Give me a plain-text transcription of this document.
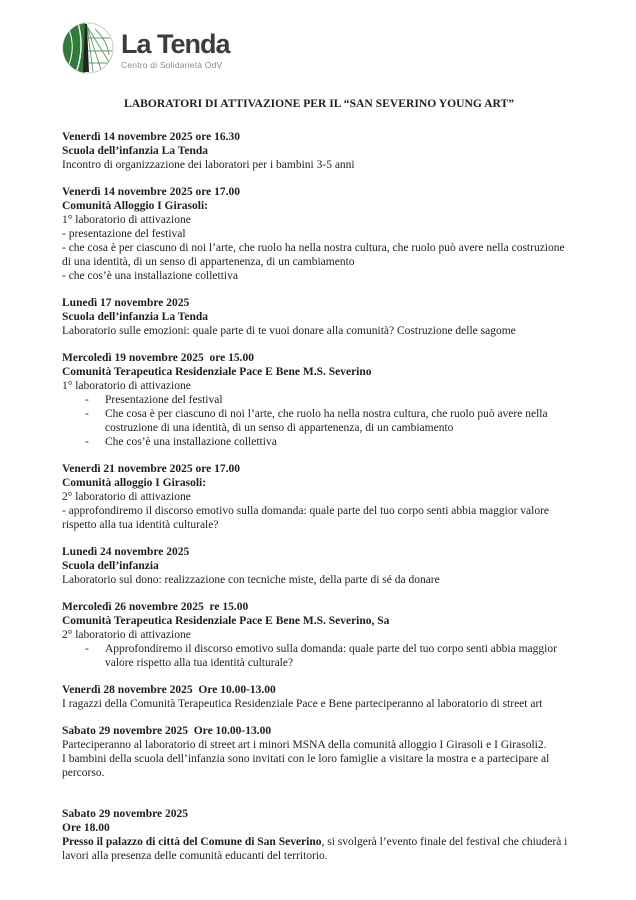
La Tenda
Centro di Solidarietà OdV
LABORATORI DI ATTIVAZIONE PER IL “SAN SEVERINO YOUNG ART”
Venerdì 14 novembre 2025 ore 16.30
Scuola dell’infanzia La Tenda

Incontro di organizzazione dei laboratori per i bambini 3-5 anni

Venerdì 14 novembre 2025 ore 17.00
Comunità Alloggio I Girasoli:

1° laboratorio di attivazione

- presentazione del festival

- che cosa è per ciascuno di noi l’arte, che ruolo ha nella nostra cultura, che ruolo può avere nella costruzione di una identità, di un senso di appartenenza, di un cambiamento

- che cos’è una installazione collettiva

Lunedì 17 novembre 2025
Scuola dell’infanzia La Tenda

Laboratorio sulle emozioni: quale parte di te vuoi donare alla comunità? Costruzione delle sagome

Mercoledì 19 novembre 2025  ore 15.00
Comunità Terapeutica Residenziale Pace E Bene M.S. Severino

1° laboratorio di attivazione

-	Presentazione del festival
-	Che cosa è per ciascuno di noi l’arte, che ruolo ha nella nostra cultura, che ruolo può avere nella costruzione di una identità, di un senso di appartenenza, di un cambiamento
-	Che cos’è una installazione collettiva
Venerdì 21 novembre 2025 ore 17.00
Comunità alloggio I Girasoli:

2° laboratorio di attivazione

- approfondiremo il discorso emotivo sulla domanda: quale parte del tuo corpo senti abbia maggior valore rispetto alla tua identità culturale?

Lunedì 24 novembre 2025
Scuola dell’infanzia

Laboratorio sul dono: realizzazione con tecniche miste, della parte di sé da donare

Mercoledì 26 novembre 2025  re 15.00
Comunità Terapeutica Residenziale Pace E Bene M.S. Severino, Sa

2° laboratorio di attivazione

-	Approfondiremo il discorso emotivo sulla domanda: quale parte del tuo corpo senti abbia maggior valore rispetto alla tua identità culturale?
Venerdì 28 novembre 2025  Ore 10.00-13.00

I ragazzi della Comunità Terapeutica Residenziale Pace e Bene parteciperanno al laboratorio di street art

Sabato 29 novembre 2025  Ore 10.00-13.00

Parteciperanno al laboratorio di street art i minori MSNA della comunità alloggio I Girasoli e I Girasoli2.

I bambini della scuola dell’infanzia sono invitati con le loro famiglie a visitare la mostra e a partecipare al percorso.

Sabato 29 novembre 2025
Ore 18.00

Presso il palazzo di città del Comune di San Severino, si svolgerà l’evento finale del festival che chiuderà i lavori alla presenza delle comunità educanti del territorio.
